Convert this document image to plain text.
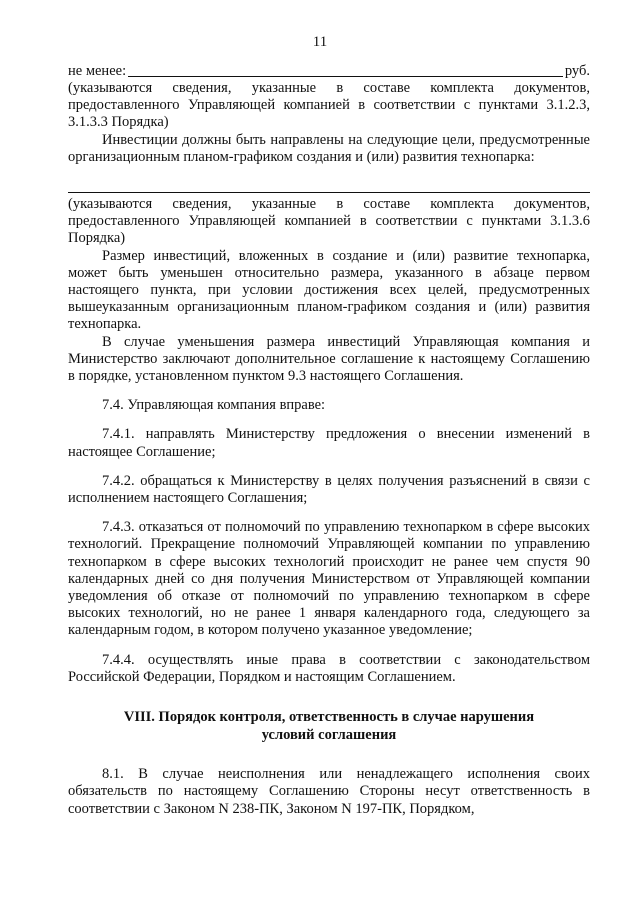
11
не менее:	руб.

(указываются сведения, указанные в составе комплекта документов, предоставленного Управляющей компанией в соответствии с пунктами 3.1.2.3, 3.1.3.3 Порядка)

Инвестиции должны быть направлены на следующие цели, предусмотренные организационным планом-графиком создания и (или) развития технопарка:

(указываются сведения, указанные в составе комплекта документов, предоставленного Управляющей компанией в соответствии с пунктами 3.1.3.6 Порядка)

Размер инвестиций, вложенных в создание и (или) развитие технопарка, может быть уменьшен относительно размера, указанного в абзаце первом настоящего пункта, при условии достижения всех целей, предусмотренных вышеуказанным организационным планом-графиком создания и (или) развития технопарка.

В случае уменьшения размера инвестиций Управляющая компания и Министерство заключают дополнительное соглашение к настоящему Соглашению в порядке, установленном пунктом 9.3 настоящего Соглашения.

7.4. Управляющая компания вправе:

7.4.1. направлять Министерству предложения о внесении изменений в настоящее Соглашение;

7.4.2. обращаться к Министерству в целях получения разъяснений в связи с исполнением настоящего Соглашения;

7.4.3. отказаться от полномочий по управлению технопарком в сфере высоких технологий. Прекращение полномочий Управляющей компании по управлению технопарком в сфере высоких технологий происходит не ранее чем спустя 90 календарных дней со дня получения Министерством от Управляющей компании уведомления об отказе от полномочий по управлению технопарком в сфере высоких технологий, но не ранее 1 января календарного года, следующего за календарным годом, в котором получено указанное уведомление;

7.4.4. осуществлять иные права в соответствии с законодательством Российской Федерации, Порядком и настоящим Соглашением.

VIII. Порядок контроля, ответственность в случае нарушения
условий соглашения

8.1. В случае неисполнения или ненадлежащего исполнения своих обязательств по настоящему Соглашению Стороны несут ответственность в соответствии с Законом N 238-ПК, Законом N 197-ПК, Порядком,
